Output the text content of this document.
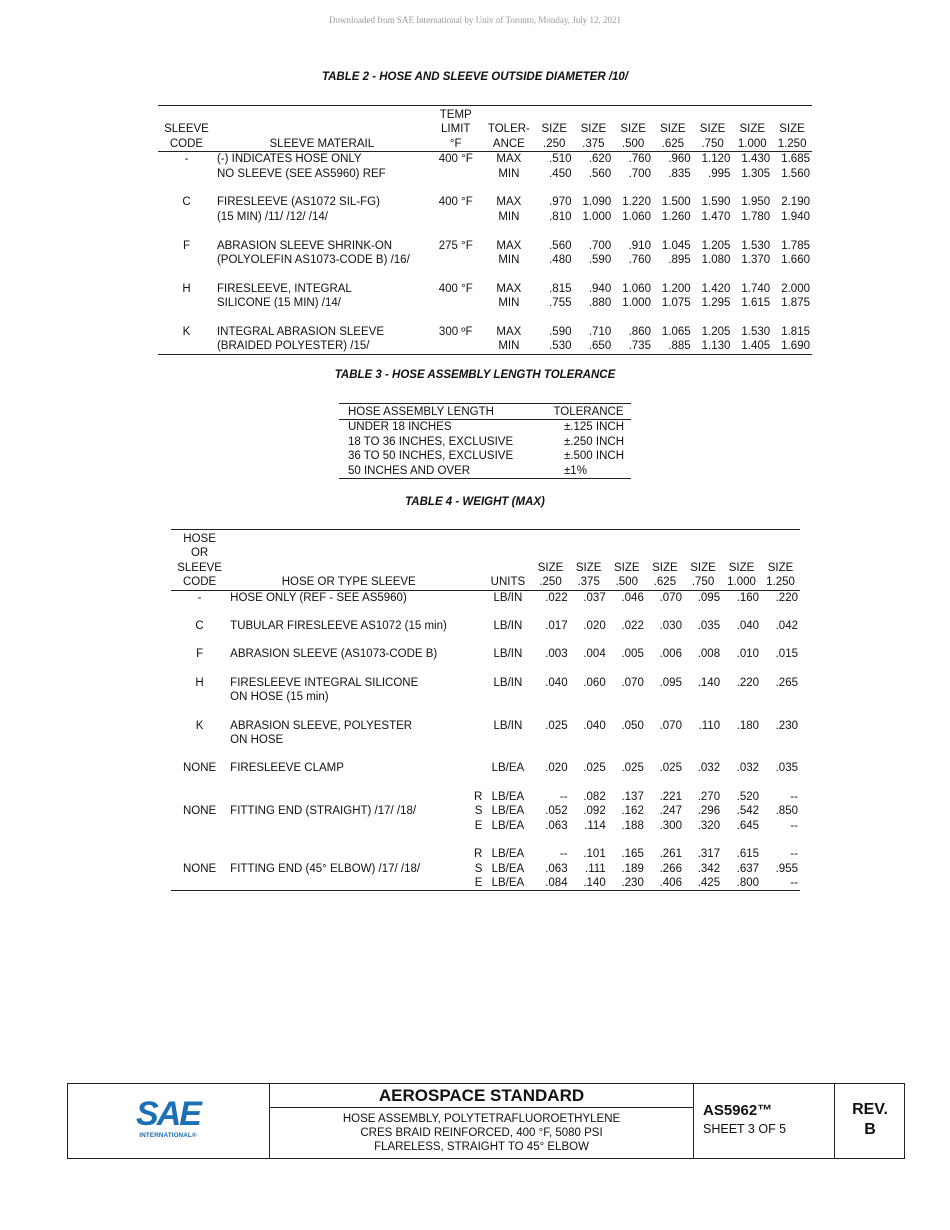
Downloaded from SAE International by Univ of Toronto, Monday, July 12, 2021
TABLE 2 - HOSE AND SLEEVE OUTSIDE DIAMETER /10/
		TEMP								
SLEEVE		LIMIT	TOLER-	SIZE	SIZE	SIZE	SIZE	SIZE	SIZE	SIZE
CODE	SLEEVE MATERAIL	°F	ANCE	.250	.375	.500	.625	.750	1.000	1.250
-	(-) INDICATES HOSE ONLY	400 °F	MAX	.510	.620	.760	.960	1.120	1.430	1.685
	NO SLEEVE (SEE AS5960) REF		MIN	.450	.560	.700	.835	.995	1.305	1.560

C	FIRESLEEVE (AS1072 SIL-FG)	400 °F	MAX	.970	1.090	1.220	1.500	1.590	1.950	2.190
	(15 MIN) /11/ /12/ /14/		MIN	.810	1.000	1.060	1.260	1.470	1.780	1.940

F	ABRASION SLEEVE SHRINK-ON	275 °F	MAX	.560	.700	.910	1.045	1.205	1.530	1.785
	(POLYOLEFIN AS1073-CODE B) /16/		MIN	.480	.590	.760	.895	1.080	1.370	1.660

H	FIRESLEEVE, INTEGRAL	400 °F	MAX	.815	.940	1.060	1.200	1.420	1.740	2.000
	SILICONE (15 MIN) /14/		MIN	.755	.880	1.000	1.075	1.295	1.615	1.875

K	INTEGRAL ABRASION SLEEVE	300 ºF	MAX	.590	.710	.860	1.065	1.205	1.530	1.815
	(BRAIDED POLYESTER) /15/		MIN	.530	.650	.735	.885	1.130	1.405	1.690
TABLE 3 - HOSE ASSEMBLY LENGTH TOLERANCE
HOSE ASSEMBLY LENGTH	TOLERANCE
UNDER 18 INCHES	±.125 INCH
18 TO 36 INCHES, EXCLUSIVE	±.250 INCH
36 TO 50 INCHES, EXCLUSIVE	±.500 INCH
50 INCHES AND OVER	±1%
TABLE 4 - WEIGHT (MAX)
HOSE										
OR										
SLEEVE				SIZE	SIZE	SIZE	SIZE	SIZE	SIZE	SIZE
CODE	HOSE OR TYPE SLEEVE		UNITS	.250	.375	.500	.625	.750	1.000	1.250
-	HOSE ONLY (REF - SEE AS5960)		LB/IN	.022	.037	.046	.070	.095	.160	.220

C	TUBULAR FIRESLEEVE AS1072 (15 min)		LB/IN	.017	.020	.022	.030	.035	.040	.042

F	ABRASION SLEEVE (AS1073-CODE B)		LB/IN	.003	.004	.005	.006	.008	.010	.015

H	FIRESLEEVE INTEGRAL SILICONE		LB/IN	.040	.060	.070	.095	.140	.220	.265
	ON HOSE (15 min)									

K	ABRASION SLEEVE, POLYESTER		LB/IN	.025	.040	.050	.070	.110	.180	.230
	ON HOSE									

NONE	FIRESLEEVE CLAMP		LB/EA	.020	.025	.025	.025	.032	.032	.035

		R	LB/EA	--	.082	.137	.221	.270	.520	--
NONE	FITTING END (STRAIGHT) /17/ /18/	S	LB/EA	.052	.092	.162	.247	.296	.542	.850
		E	LB/EA	.063	.114	.188	.300	.320	.645	--

		R	LB/EA	--	.101	.165	.261	.317	.615	--
NONE	FITTING END (45° ELBOW) /17/ /18/	S	LB/EA	.063	.111	.189	.266	.342	.637	.955
		E	LB/EA	.084	.140	.230	.406	.425	.800	--
SAE
INTERNATIONAL®
AEROSPACE STANDARD
HOSE ASSEMBLY, POLYTETRAFLUOROETHYLENE
CRES BRAID REINFORCED, 400 °F, 5080 PSI
FLARELESS, STRAIGHT TO 45° ELBOW
AS5962™
SHEET 3 OF 5
REV.
B
